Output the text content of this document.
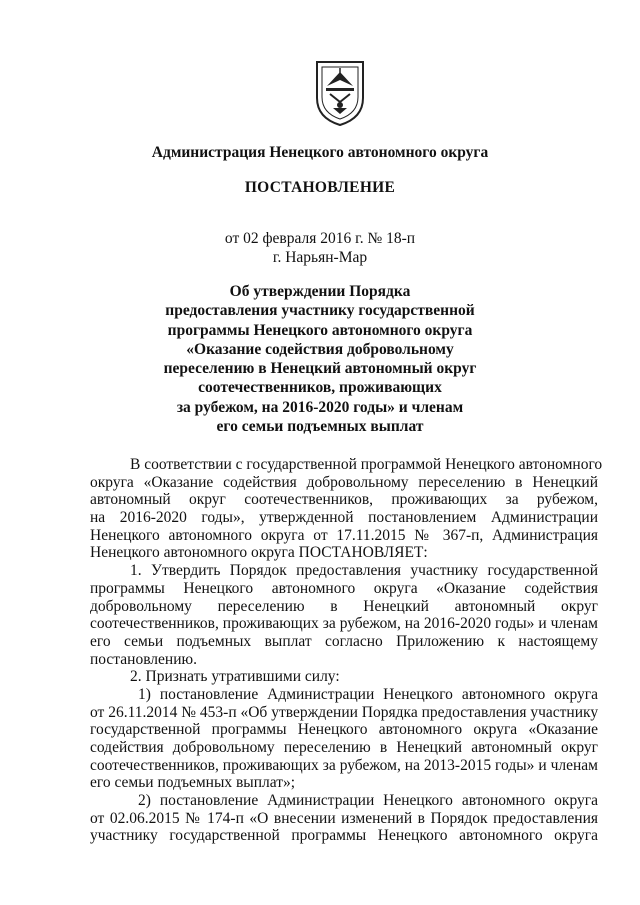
Администрация Ненецкого автономного округа
ПОСТАНОВЛЕНИЕ
от 02 февраля 2016 г. № 18-п
г. Нарьян-Мар
Об утверждении Порядка
предоставления участнику государственной
программы Ненецкого автономного округа
«Оказание содействия добровольному
переселению в Ненецкий автономный округ
соотечественников, проживающих
за рубежом, на 2016-2020 годы» и членам
его семьи подъемных выплат
В соответствии с государственной программой Ненецкого автономного
округа «Оказание содействия добровольному переселению в Ненецкий
автономный округ соотечественников, проживающих за рубежом,
на 2016-2020 годы», утвержденной постановлением Администрации
Ненецкого автономного округа от 17.11.2015 № 367-п, Администрация
Ненецкого автономного округа ПОСТАНОВЛЯЕТ:
1. Утвердить Порядок предоставления участнику государственной
программы Ненецкого автономного округа «Оказание содействия
добровольному переселению в Ненецкий автономный округ
соотечественников, проживающих за рубежом, на 2016-2020 годы» и членам
его семьи подъемных выплат согласно Приложению к настоящему
постановлению.
2. Признать утратившими силу:
1) постановление Администрации Ненецкого автономного округа
от 26.11.2014 № 453-п «Об утверждении Порядка предоставления участнику
государственной программы Ненецкого автономного округа «Оказание
содействия добровольному переселению в Ненецкий автономный округ
соотечественников, проживающих за рубежом, на 2013-2015 годы» и членам
его семьи подъемных выплат»;
2) постановление Администрации Ненецкого автономного округа
от 02.06.2015 № 174-п «О внесении изменений в Порядок предоставления
участнику государственной программы Ненецкого автономного округа
